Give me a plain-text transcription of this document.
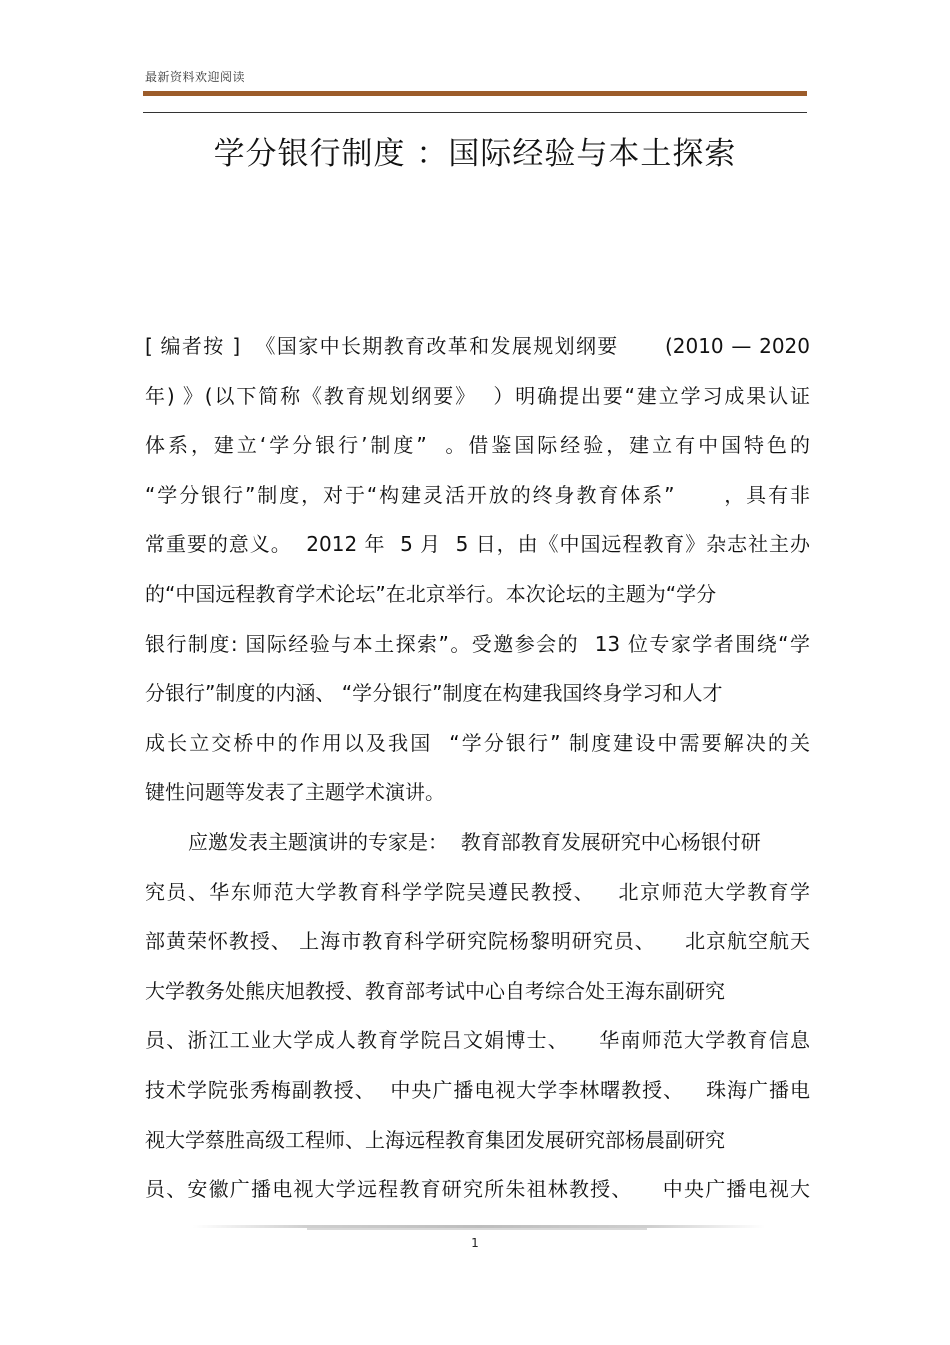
最新资料欢迎阅读
学分银行制度 ：国际经验与本土探索
[ 编者按 ]  《国家中长期教育改革和发展规划纲要      (2010 — 2020
年) 》(以下简称《教育规划纲要》  ）明确提出要“建立学习成果认证
体系，建立‘学分银行’制度”  。借鉴国际经验，建立有中国特色的
“学分银行”制度，对于“构建灵活开放的终身教育体系”      ，具有非
常重要的意义。  2012 年  5 月  5 日，由《中国远程教育》杂志社主办
的“中国远程教育学术论坛”在北京举行。本次论坛的主题为“学分
银行制度: 国际经验与本土探索”。受邀参会的  13 位专家学者围绕“学
分银行”制度的内涵、 “学分银行”制度在构建我国终身学习和人才
成长立交桥中的作用以及我国  “学分银行” 制度建设中需要解决的关
键性问题等发表了主题学术演讲。
应邀发表主题演讲的专家是：  教育部教育发展研究中心杨银付研
究员、华东师范大学教育科学学院吴遵民教授、   北京师范大学教育学
部黄荣怀教授、 上海市教育科学研究院杨黎明研究员、    北京航空航天
大学教务处熊庆旭教授、教育部考试中心自考综合处王海东副研究
员、浙江工业大学成人教育学院吕文娟博士、    华南师范大学教育信息
技术学院张秀梅副教授、  中央广播电视大学李林曙教授、   珠海广播电
视大学蔡胜高级工程师、上海远程教育集团发展研究部杨晨副研究
员、安徽广播电视大学远程教育研究所朱祖林教授、    中央广播电视大
1
